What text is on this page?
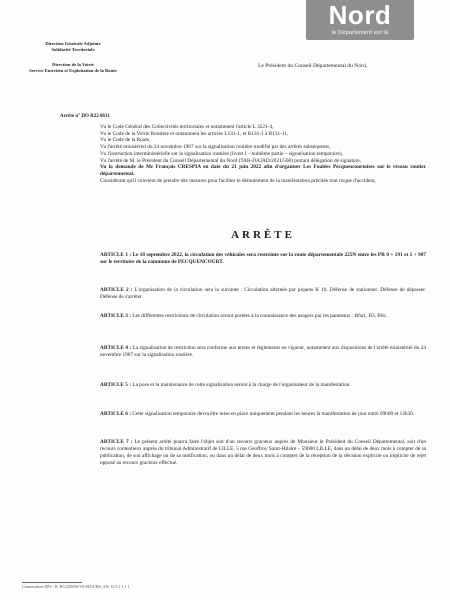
Nord
le Département est là
Direction Générale Adjointe
Solidarité Territoriale
Direction de la Voirie
Service Entretien et Exploitation de la Route
Le Président du Conseil Départemental du Nord,
Arrêté n° DO R22 0611

Vu le Code Général des Collectivités territoriales et notamment l'article L 3221-4,

Vu le Code de la Voirie Routière et notamment les articles L131-1, et R131-1 à R131-11,

Vu le Code de la Route,

Vu l'arrêté ministériel du 24 novembre 1967 sur la signalisation routière modifié par des arrêtés subséquents,

Vu l'instruction interministérielle sur la signalisation routière (livret I – huitième partie – signalisation temporaire),

Vu l'arrêté de M. le Président du Conseil Départemental du Nord (TAR-DAJAD/2021/560) portant délégation de signature,

Vu la demande de Mr François CRESPIA en date du 21 juin 2022 afin d'organiser Les Foulées Pecquencourtoises sur le réseau routier départemental.

Considérant qu'il convient de prendre des mesures pour faciliter le déroulement de la manifestation précitée tout risque d'accident,

ARRÊTE
ARTICLE 1 : Le 18 septembre 2022, la circulation des véhicules sera restreinte sur la route départementale 225N entre les PR 0 + 191 et 1 + 907 sur le territoire de la commune de PECQUENCOURT.
ARTICLE 2 : L'organisation de la circulation sera la suivante : Circulation alternée par piquets K 10. Défense de stationner. Défense de dépasser. Défense de s'arrêter.
ARTICLE 3 : Les différentes restrictions de circulation seront portées à la connaissance des usagers par les panneaux : B6a1, B3, B6c.
ARTICLE 4 : La signalisation de restriction sera conforme aux textes et règlements en vigueur, notamment aux dispositions de l'arrêté ministériel du 24 novembre 1967 sur la signalisation routière.
ARTICLE 5 : La pose et la maintenance de cette signalisation seront à la charge de l'organisateur de la manifestation.
ARTICLE 6 : Cette signalisation temporaire devra être mise en place uniquement pendant les heures la manifestation de jour entre 09h00 et 12h30.
ARTICLE 7 : Le présent arrêté pourra faire l'objet soit d'un recours gracieux auprès de Monsieur le Président du Conseil Départemental, soit d'un recours contentieux auprès du tribunal Administratif de LILLE, 5 rue Geoffroy Saint-Hilaire – 59000 LILLE, dans un délai de deux mois à compter de sa publication, de son affichage ou de sa notification, ou dans un délai de deux mois à compter de la réception de la décision explicite ou implicite de rejet opposé au recours gracieux effectué.
Conservation DPS - R: RC2208/06/VE/SIEA/RS/ AN: 10 5 2 1 1 1
